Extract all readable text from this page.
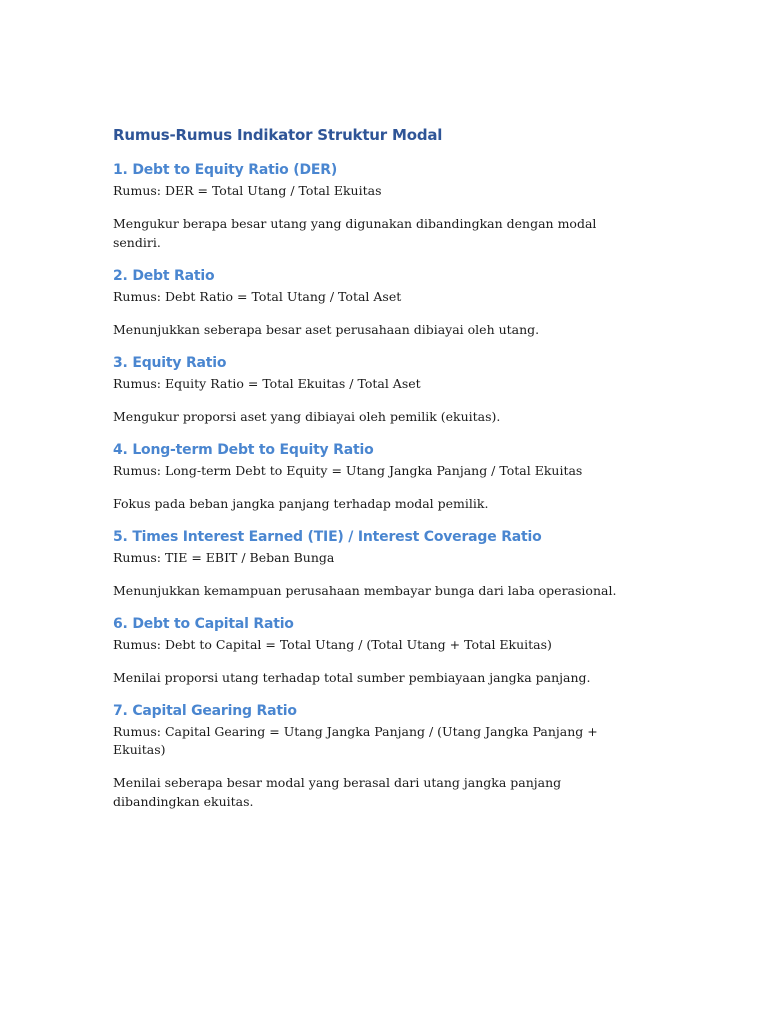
Rumus-Rumus Indikator Struktur Modal
1. Debt to Equity Ratio (DER)

Rumus: DER = Total Utang / Total Ekuitas

Mengukur berapa besar utang yang digunakan dibandingkan dengan modal sendiri.

2. Debt Ratio

Rumus: Debt Ratio = Total Utang / Total Aset

Menunjukkan seberapa besar aset perusahaan dibiayai oleh utang.

3. Equity Ratio

Rumus: Equity Ratio = Total Ekuitas / Total Aset

Mengukur proporsi aset yang dibiayai oleh pemilik (ekuitas).

4. Long-term Debt to Equity Ratio

Rumus: Long-term Debt to Equity = Utang Jangka Panjang / Total Ekuitas

Fokus pada beban jangka panjang terhadap modal pemilik.

5. Times Interest Earned (TIE) / Interest Coverage Ratio

Rumus: TIE = EBIT / Beban Bunga

Menunjukkan kemampuan perusahaan membayar bunga dari laba operasional.

6. Debt to Capital Ratio

Rumus: Debt to Capital = Total Utang / (Total Utang + Total Ekuitas)

Menilai proporsi utang terhadap total sumber pembiayaan jangka panjang.

7. Capital Gearing Ratio

Rumus: Capital Gearing = Utang Jangka Panjang / (Utang Jangka Panjang + Ekuitas)

Menilai seberapa besar modal yang berasal dari utang jangka panjang dibandingkan ekuitas.
